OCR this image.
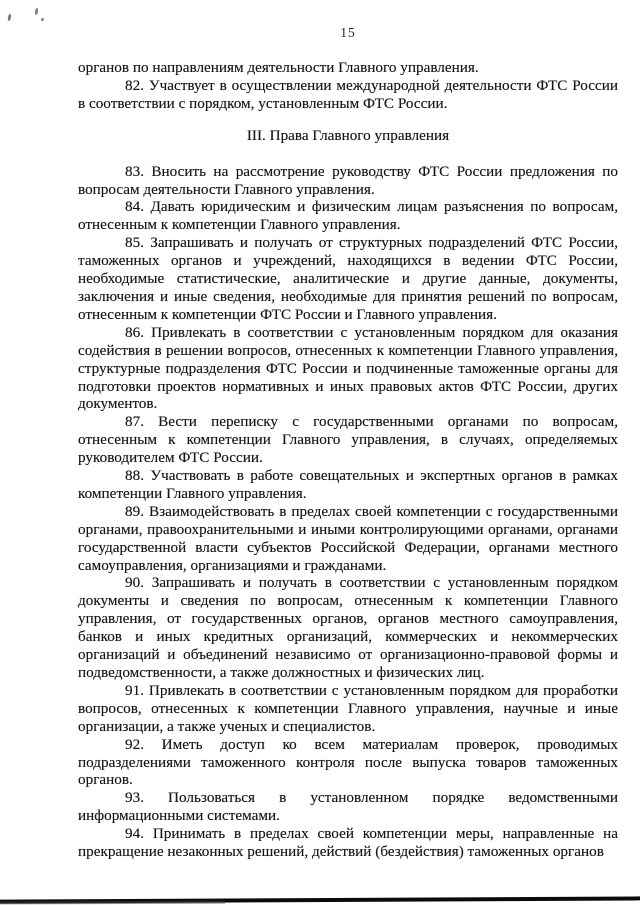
15

органов по направлениям деятельности Главного управления.

82. Участвует в осуществлении международной деятельности ФТС России в соответствии с порядком, установленным ФТС России.

III. Права Главного управления

83. Вносить на рассмотрение руководству ФТС России предложения по вопросам деятельности Главного управления.

84. Давать юридическим и физическим лицам разъяснения по вопросам, отнесенным к компетенции Главного управления.

85. Запрашивать и получать от структурных подразделений ФТС России, таможенных органов и учреждений, находящихся в ведении ФТС России, необходимые статистические, аналитические и другие данные, документы, заключения и иные сведения, необходимые для принятия решений по вопросам, отнесенным к компетенции ФТС России и Главного управления.

86. Привлекать в соответствии с установленным порядком для оказания содействия в решении вопросов, отнесенных к компетенции Главного управления, структурные подразделения ФТС России и подчиненные таможенные органы для подготовки проектов нормативных и иных правовых актов ФТС России, других документов.

87. Вести переписку с государственными органами по вопросам, отнесенным к компетенции Главного управления, в случаях, определяемых руководителем ФТС России.

88. Участвовать в работе совещательных и экспертных органов в рамках компетенции Главного управления.

89. Взаимодействовать в пределах своей компетенции с государственными органами, правоохранительными и иными контролирующими органами, органами государственной власти субъектов Российской Федерации, органами местного самоуправления, организациями и гражданами.

90. Запрашивать и получать в соответствии с установленным порядком документы и сведения по вопросам, отнесенным к компетенции Главного управления, от государственных органов, органов местного самоуправления, банков и иных кредитных организаций, коммерческих и некоммерческих организаций и объединений независимо от организационно-правовой формы и подведомственности, а также должностных и физических лиц.

91. Привлекать в соответствии с установленным порядком для проработки вопросов, отнесенных к компетенции Главного управления, научные и иные организации, а также ученых и специалистов.

92. Иметь доступ ко всем материалам проверок, проводимых подразделениями таможенного контроля после выпуска товаров таможенных органов.

93. Пользоваться в установленном порядке ведомственными информационными системами.

94. Принимать в пределах своей компетенции меры, направленные на прекращение незаконных решений, действий (бездействия) таможенных органов
